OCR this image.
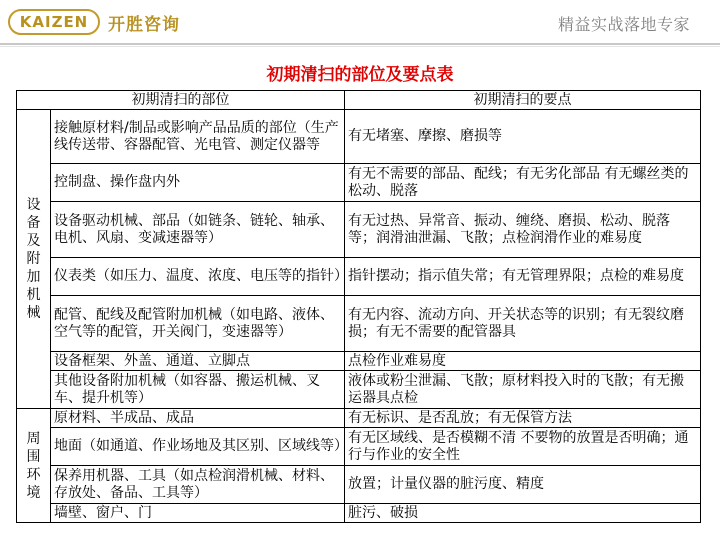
KAIZEN	开胜咨询	精益实战落地专家
初期清扫的部位及要点表
初期清扫的部位		初期清扫的要点
设备及附加机械	接触原材料/制品或影响产品品质的部位（生产线传送带、容器配管、光电管、测定仪器等	有无堵塞、摩擦、磨损等
	控制盘、操作盘内外	有无不需要的部品、配线；有无劣化部品 有无螺丝类的松动、脱落
	设备驱动机械、部品（如链条、链轮、轴承、电机、风扇、变减速器等）	有无过热、异常音、振动、缠绕、磨损、松动、脱落等；润滑油泄漏、飞散；点检润滑作业的难易度
	仪表类（如压力、温度、浓度、电压等的指针）	指针摆动；指示值失常；有无管理界限；点检的难易度
	配管、配线及配管附加机械（如电路、液体、空气等的配管，开关阀门，变速器等）	有无内容、流动方向、开关状态等的识别；有无裂纹磨损；有无不需要的配管器具
	设备框架、外盖、通道、立脚点	点检作业难易度
	其他设备附加机械（如容器、搬运机械、叉车、提升机等）	液体或粉尘泄漏、飞散；原材料投入时的飞散；有无搬运器具点检
周围环境	原材料、半成品、成品	有无标识、是否乱放；有无保管方法
	地面（如通道、作业场地及其区别、区域线等）	有无区域线、是否模糊不清 不要物的放置是否明确；通行与作业的安全性
	保养用机器、工具（如点检润滑机械、材料、存放处、备品、工具等）	放置；计量仪器的脏污度、精度
	墙壁、窗户、门	脏污、破损
